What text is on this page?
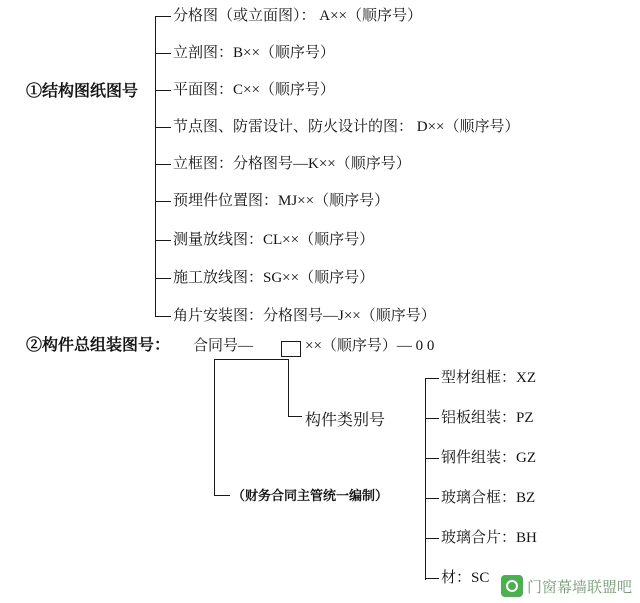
①结构图纸图号
分格图（或立面图）： A××（顺序号）
立剖图：B××（顺序号）
平面图：C××（顺序号）
节点图、防雷设计、防火设计的图： D××（顺序号）
立框图：分格图号—K××（顺序号）
预埋件位置图：MJ××（顺序号）
测量放线图：CL××（顺序号）
施工放线图：SG××（顺序号）
角片安装图：分格图号—J××（顺序号）
②构件总组装图号： 合同号—	××（顺序号）— 0 0
构件类别号
（财务合同主管统一编制）
型材组框：XZ
铝板组装：PZ
钢件组装：GZ
玻璃合框：BZ
玻璃合片：BH
材：SC
门窗幕墙联盟吧
